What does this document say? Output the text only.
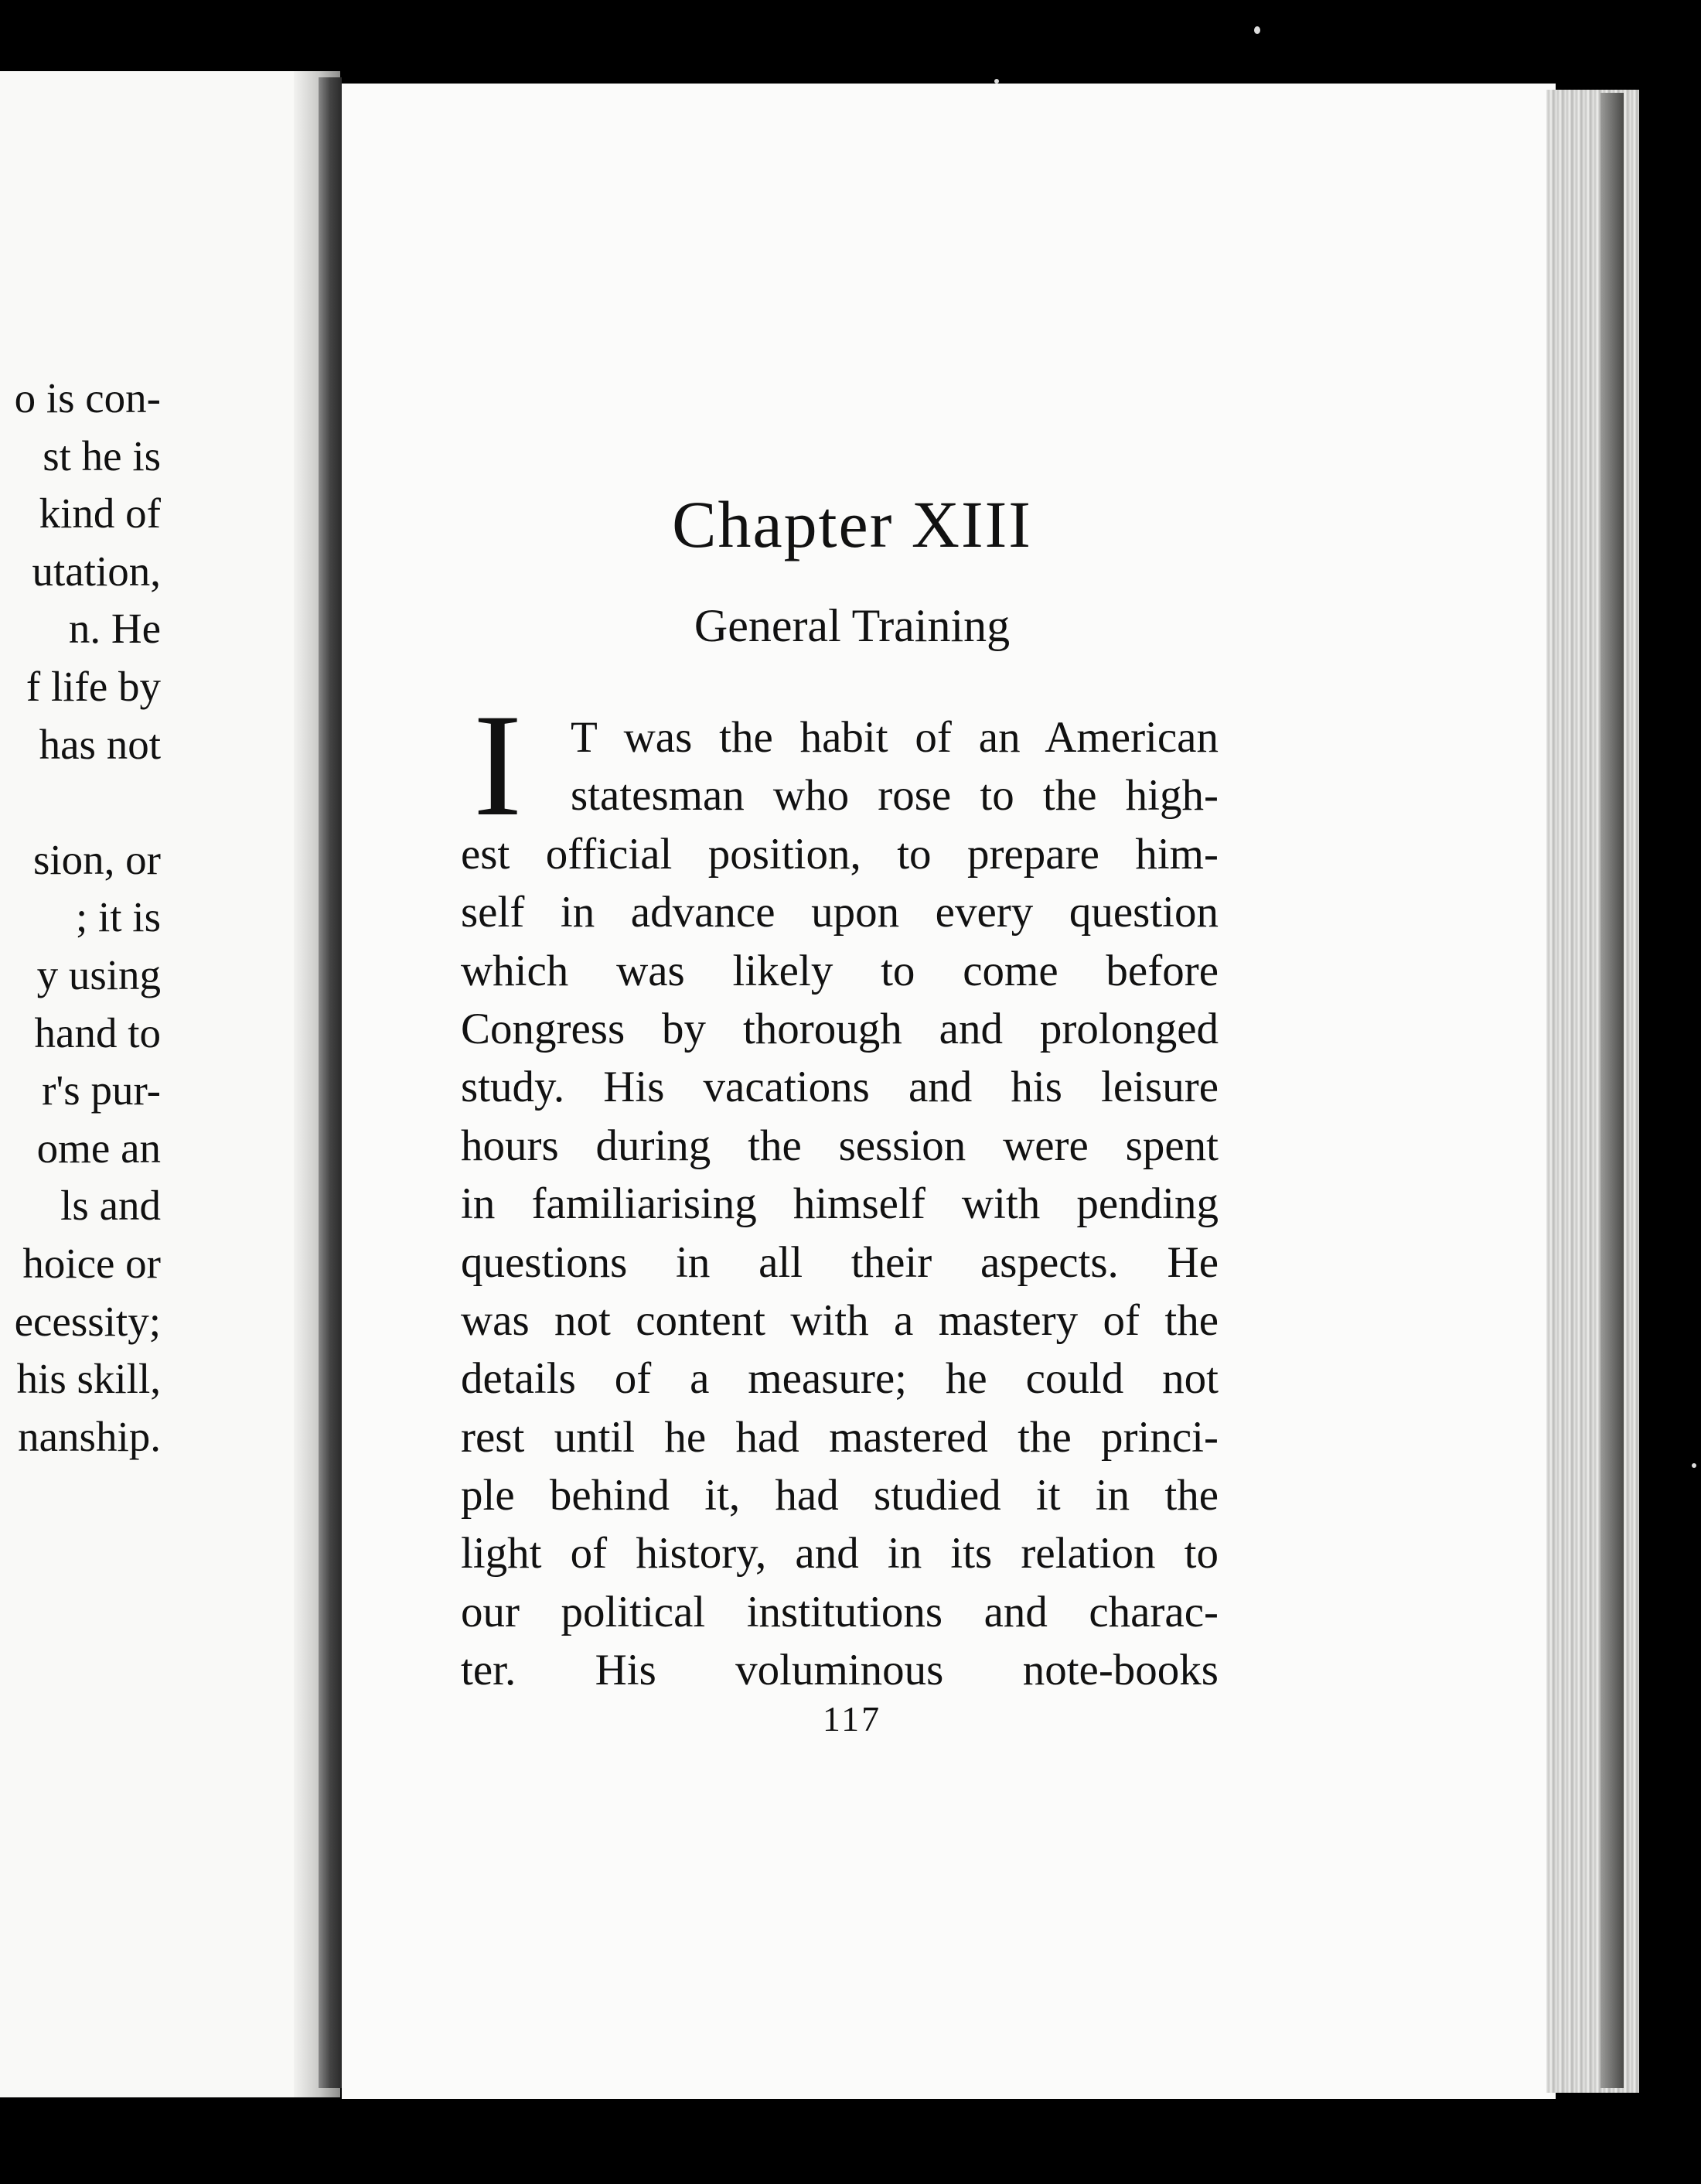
o is con-
st he is
kind of
utation,
n. He
f life by
has not
sion, or
; it is
y using
hand to
r's pur-
ome an
ls and
hoice or
ecessity;
his skill,
nanship.
Chapter XIII
General Training
I	T was the habit of an American
statesman who rose to the high-
est official position, to prepare him-
self in advance upon every question
which was likely to come before
Congress by thorough and prolonged
study. His vacations and his leisure
hours during the session were spent
in familiarising himself with pending
questions in all their aspects. He
was not content with a mastery of the
details of a measure; he could not
rest until he had mastered the princi-
ple behind it, had studied it in the
light of history, and in its relation to
our political institutions and charac-
ter. His voluminous note-books
117
